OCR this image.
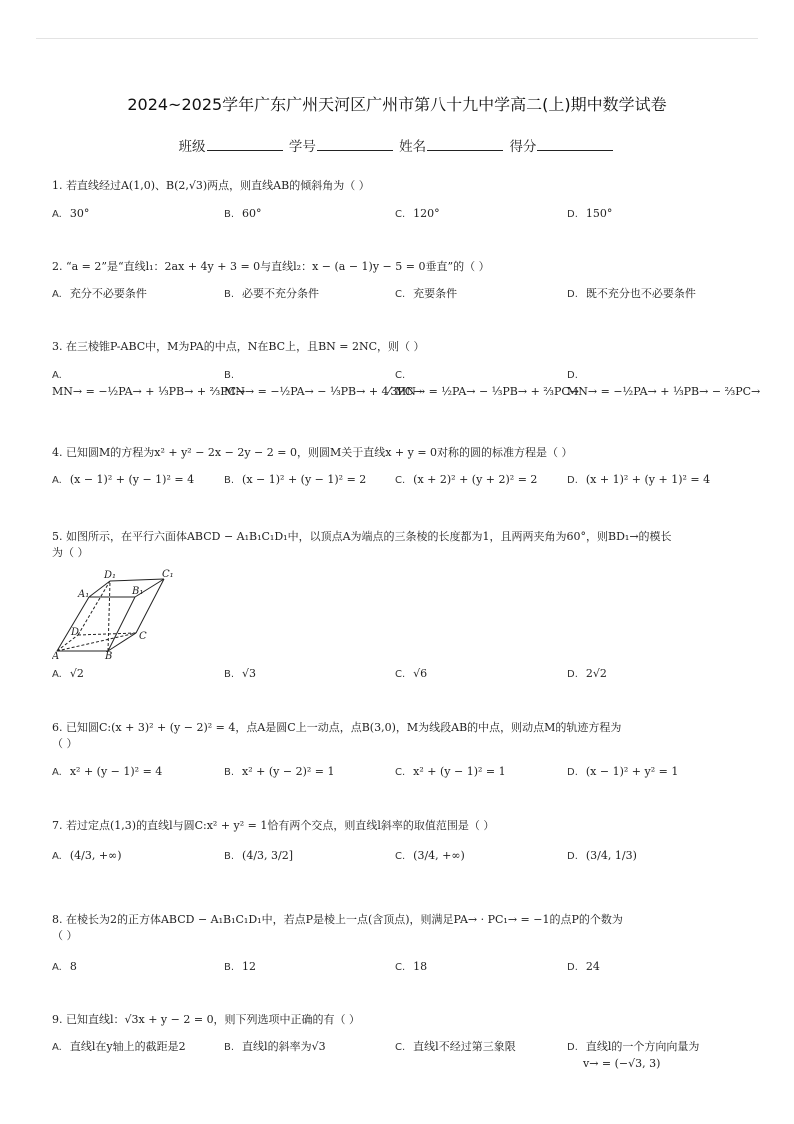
2024~2025学年广东广州天河区广州市第八十九中学高二(上)期中数学试卷
班级	学号	姓名	得分
1. 若直线经过A(1,0)、B(2,√3)两点，则直线AB的倾斜角为（ ）
A. 30°	B. 60°	C. 120°	D. 150°
2. “a = 2”是“直线l₁：2ax + 4y + 3 = 0与直线l₂：x − (a − 1)y − 5 = 0垂直”的（ ）
A. 充分不必要条件	B. 必要不充分条件	C. 充要条件	D. 既不充分也不必要条件
3. 在三棱锥P-ABC中，M为PA的中点，N在BC上，且BN = 2NC，则（ ）
A.
MN→ = −½PA→ + ⅓PB→ + ⅔PC→
B.
MN→ = −½PA→ − ⅓PB→ + 4⁄3PC→
C.
MN→ = ½PA→ − ⅓PB→ + ⅔PC→
D.
MN→ = −½PA→ + ⅓PB→ − ⅔PC→
4. 已知圆M的方程为x² + y² − 2x − 2y − 2 = 0，则圆M关于直线x + y = 0对称的圆的标准方程是（ ）
A. (x − 1)² + (y − 1)² = 4	B. (x − 1)² + (y − 1)² = 2	C. (x + 2)² + (y + 2)² = 2	D. (x + 1)² + (y + 1)² = 4
5. 如图所示，在平行六面体ABCD − A₁B₁C₁D₁中，以顶点A为端点的三条棱的长度都为1，且两两夹角为60°，则BD₁→的模长
为（ ）
D₁	C₁
A₁	B₁
D	C
A	B
A. √2	B. √3	C. √6	D. 2√2
6. 已知圆C:(x + 3)² + (y − 2)² = 4，点A是圆C上一动点，点B(3,0)，M为线段AB的中点，则动点M的轨迹方程为
（ ）
A. x² + (y − 1)² = 4	B. x² + (y − 2)² = 1	C. x² + (y − 1)² = 1	D. (x − 1)² + y² = 1
7. 若过定点(1,3)的直线l与圆C:x² + y² = 1恰有两个交点，则直线l斜率的取值范围是（ ）
A. (4/3, +∞)	B. (4/3, 3/2]	C. (3/4, +∞)	D. (3/4, 1/3)
8. 在棱长为2的正方体ABCD − A₁B₁C₁D₁中，若点P是棱上一点(含顶点)，则满足PA→ · PC₁→ = −1的点P的个数为
（ ）
A. 8	B. 12	C. 18	D. 24
9. 已知直线l：√3x + y − 2 = 0，则下列选项中正确的有（ ）
A. 直线l在y轴上的截距是2	B. 直线l的斜率为√3	C. 直线l不经过第三象限	D. 直线l的一个方向向量为
v→ = (−√3, 3)
